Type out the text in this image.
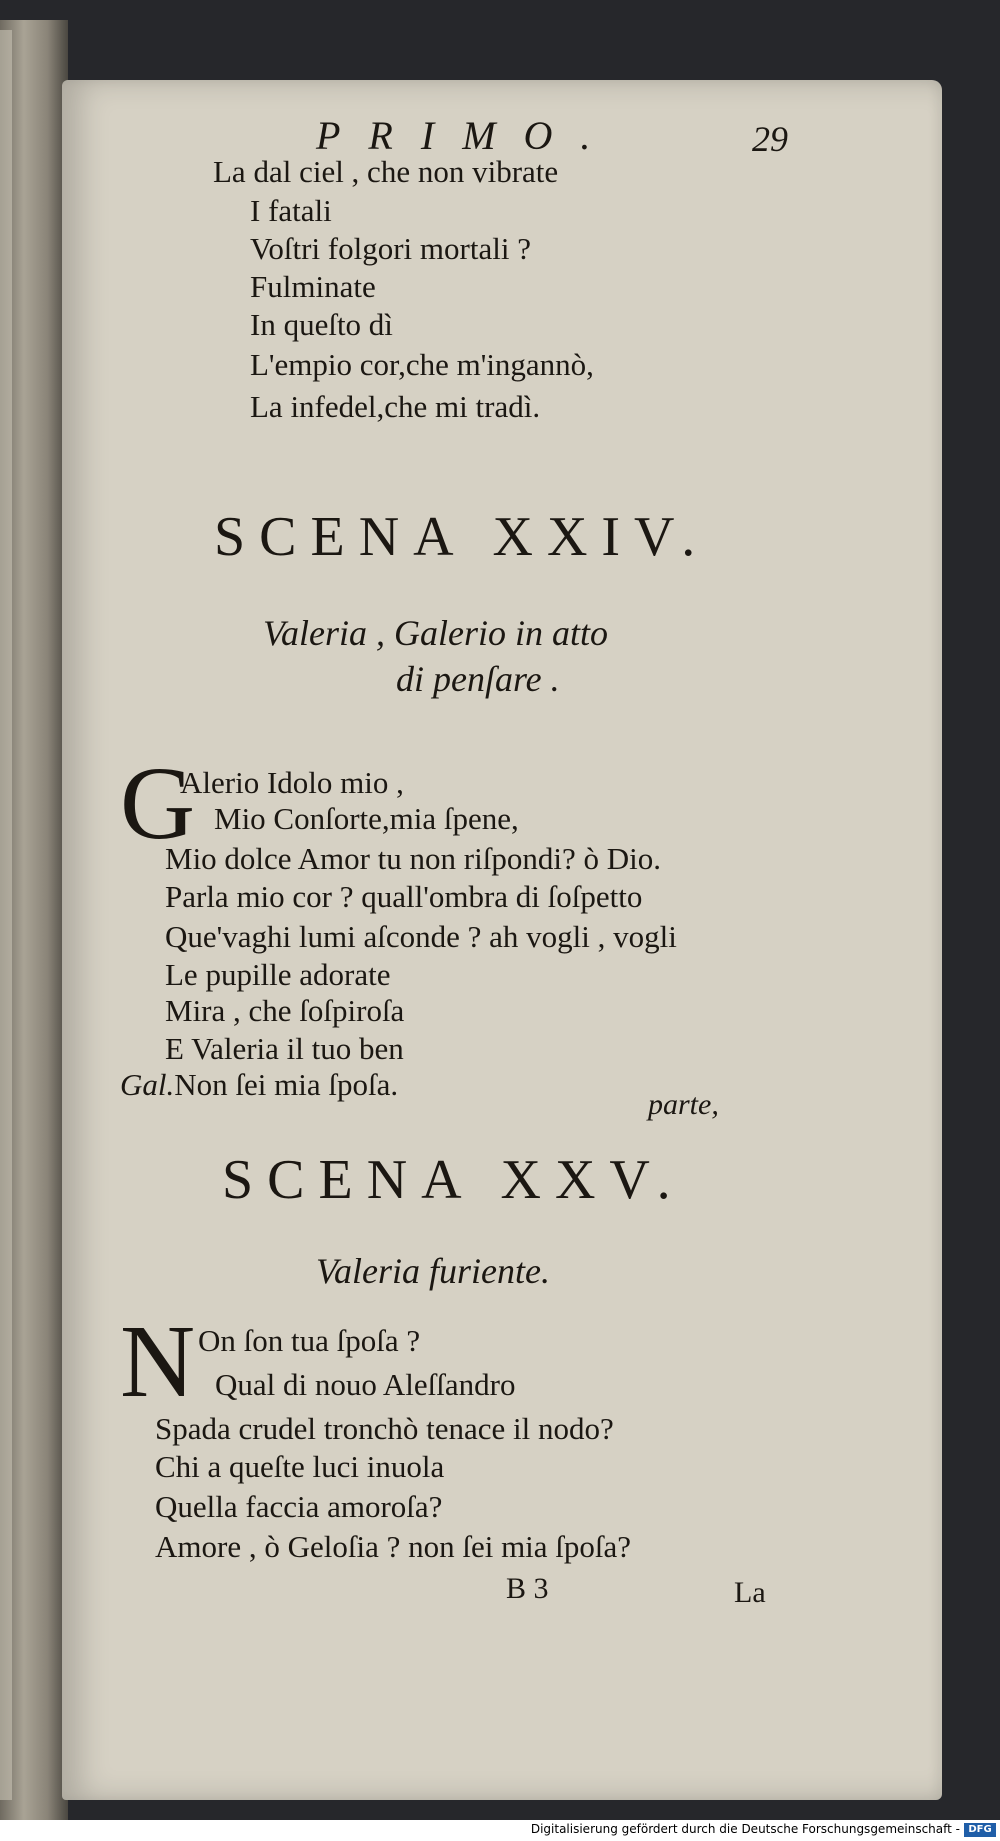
PRIMO.	29
La dal ciel , che non vibrate
I fatali
Voſtri folgori mortali ?
Fulminate
In queſto dì
L'empio cor,che m'ingannò,
La infedel,che mi tradì.
SCENA XXIV.
Valeria , Galerio in atto
di penſare .
G
Alerio Idolo mio ,
Mio Conſorte,mia ſpene,
Mio dolce Amor tu non riſpondi? ò Dio.
Parla mio cor ? quall'ombra di ſoſpetto
Que'vaghi lumi aſconde ? ah vogli , vogli
Le pupille adorate
Mira , che ſoſpiroſa
E Valeria il tuo ben
Gal.Non ſei mia ſpoſa.
parte,
SCENA XXV.
Valeria furiente.
N On ſon tua ſpoſa ?
Qual di nouo Aleſſandro
Spada crudel tronchò tenace il nodo?
Chi a queſte luci inuola
Quella faccia amoroſa?
Amore , ò Geloſia ? non ſei mia ſpoſa?
B 3	La
Digitalisierung gefördert durch die Deutsche Forschungsgemeinschaft - DFG
